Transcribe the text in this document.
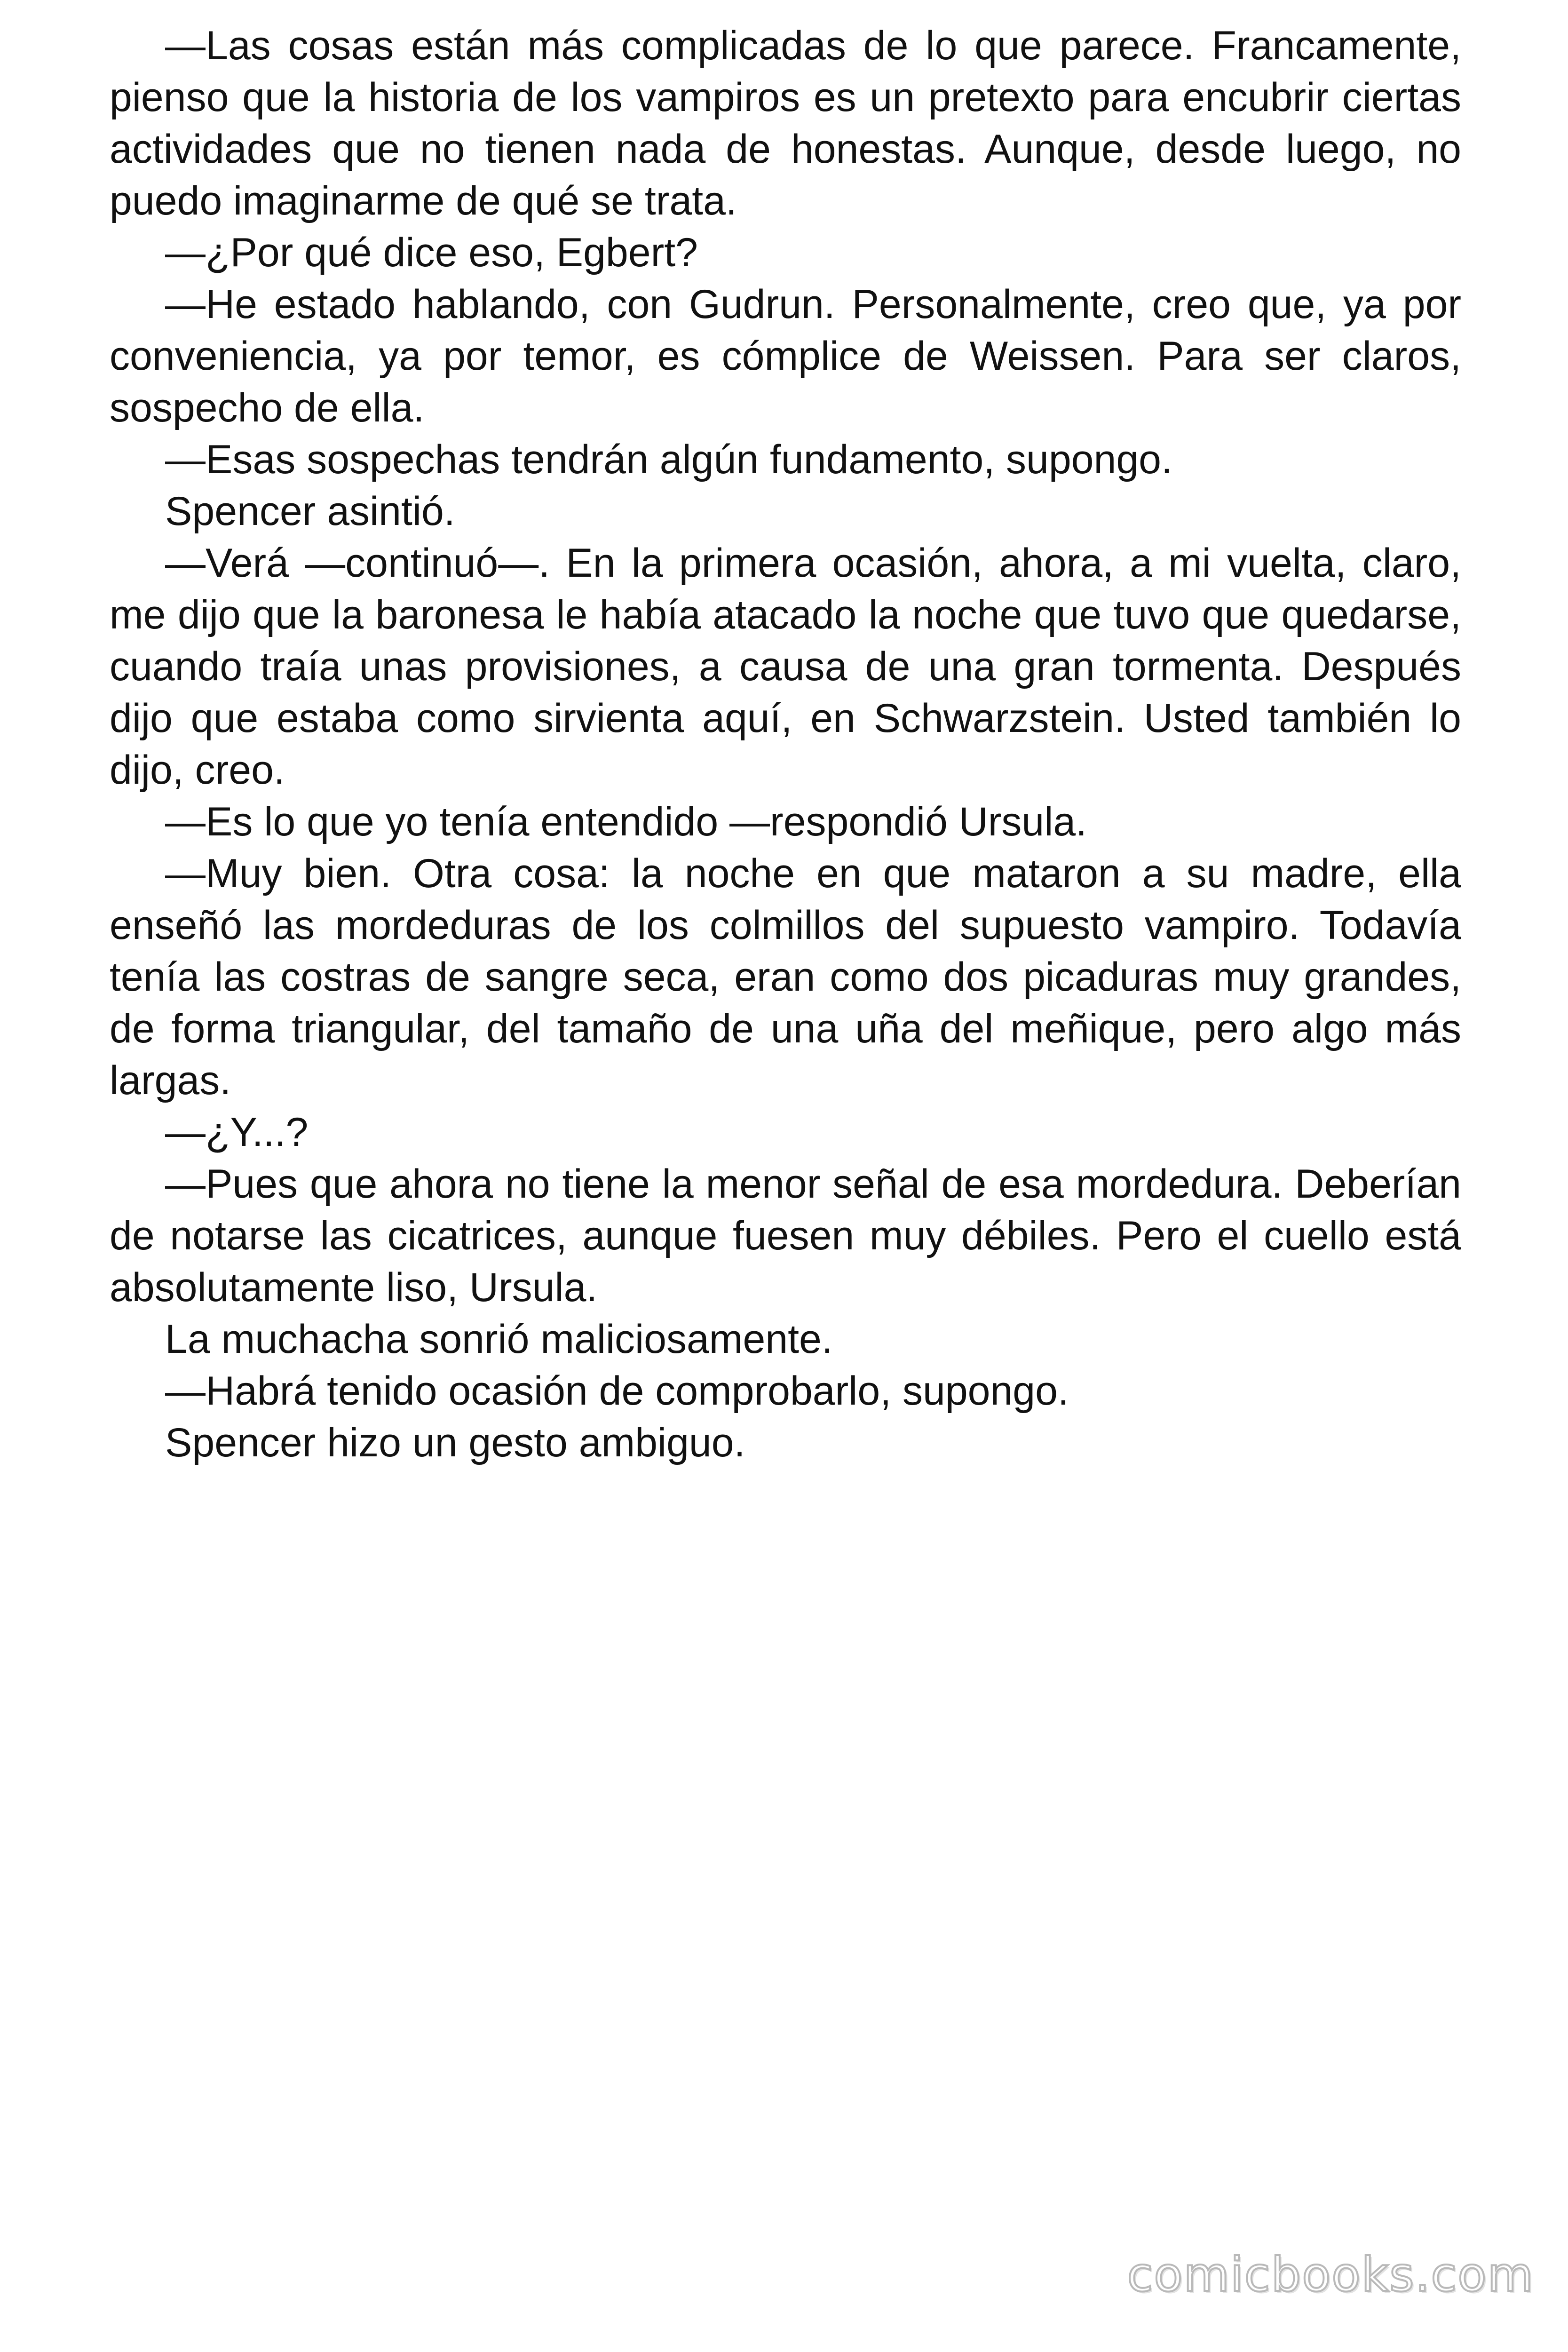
—Las cosas están más complicadas de lo que parece. Francamente, pienso que la historia de los vampiros es un pretexto para encubrir ciertas actividades que no tienen nada de honestas. Aunque, desde luego, no puedo imaginarme de qué se trata.

—¿Por qué dice eso, Egbert?

—He estado hablando, con Gudrun. Personalmente, creo que, ya por conveniencia, ya por temor, es cómplice de Weissen. Para ser claros, sospecho de ella.

—Esas sospechas tendrán algún fundamento, supongo.

Spencer asintió.

—Verá —continuó—. En la primera ocasión, ahora, a mi vuelta, claro, me dijo que la baronesa le había atacado la noche que tuvo que quedarse, cuando traía unas provisiones, a causa de una gran tormenta. Después dijo que estaba como sirvienta aquí, en Schwarzstein. Usted también lo dijo, creo.

—Es lo que yo tenía entendido —respondió Ursula.

—Muy bien. Otra cosa: la noche en que mataron a su madre, ella enseñó las mordeduras de los colmillos del supuesto vampiro. Todavía tenía las costras de sangre seca, eran como dos picaduras muy grandes, de forma triangular, del tamaño de una uña del meñique, pero algo más largas.

—¿Y...?

—Pues que ahora no tiene la menor señal de esa mordedura. Deberían de notarse las cicatrices, aunque fuesen muy débiles. Pero el cuello está absolutamente liso, Ursula.

La muchacha sonrió maliciosamente.

—Habrá tenido ocasión de comprobarlo, supongo.

Spencer hizo un gesto ambiguo.

comicbooks.com
